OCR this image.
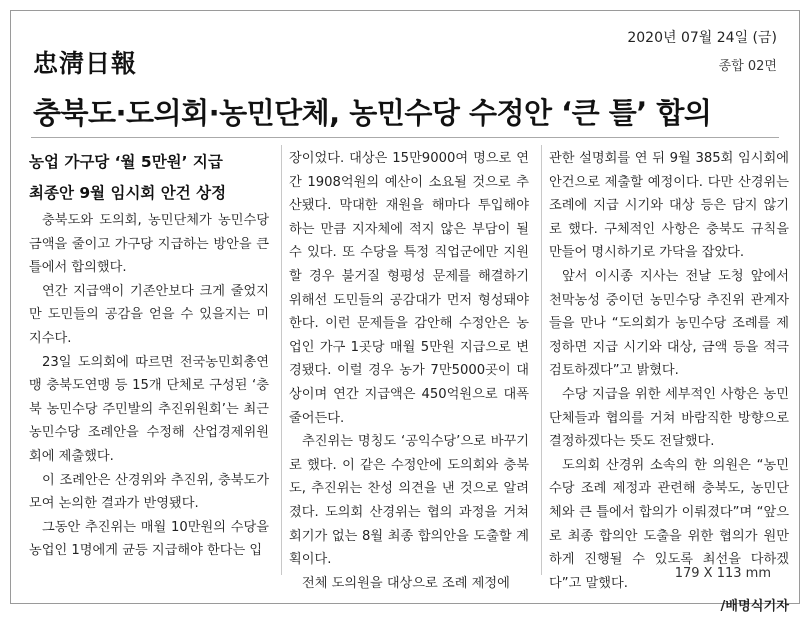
忠淸日報
2020년 07월 24일 (금)
종합 02면
충북도·도의회·농민단체, 농민수당 수정안 ‘큰 틀’ 합의

농업 가구당 ‘월 5만원’ 지급
최종안 9월 임시회 안건 상정

충북도와 도의회, 농민단체가 농민수당 금액을 줄이고 가구당 지급하는 방안을 큰 틀에서 합의했다.

연간 지급액이 기존안보다 크게 줄었지만 도민들의 공감을 얻을 수 있을지는 미지수다.

23일 도의회에 따르면 전국농민회총연맹 충북도연맹 등 15개 단체로 구성된 ‘충북 농민수당 주민발의 추진위원회’는 최근 농민수당 조례안을 수정해 산업경제위원회에 제출했다.

이 조례안은 산경위와 추진위, 충북도가 모여 논의한 결과가 반영됐다.

그동안 추진위는 매월 10만원의 수당을 농업인 1명에게 균등 지급해야 한다는 입

장이었다. 대상은 15만9000여 명으로 연간 1908억원의 예산이 소요될 것으로 추산됐다. 막대한 재원을 해마다 투입해야 하는 만큼 지자체에 적지 않은 부담이 될 수 있다. 또 수당을 특정 직업군에만 지원할 경우 불거질 형평성 문제를 해결하기 위해선 도민들의 공감대가 먼저 형성돼야 한다. 이런 문제들을 감안해 수정안은 농업인 가구 1곳당 매월 5만원 지급으로 변경됐다. 이럴 경우 농가 7만5000곳이 대상이며 연간 지급액은 450억원으로 대폭 줄어든다.

추진위는 명칭도 ‘공익수당’으로 바꾸기로 했다. 이 같은 수정안에 도의회와 충북도, 추진위는 찬성 의견을 낸 것으로 알려졌다. 도의회 산경위는 협의 과정을 거쳐 회기가 없는 8월 최종 합의안을 도출할 계획이다.

전체 도의원을 대상으로 조례 제정에

관한 설명회를 연 뒤 9월 385회 임시회에 안건으로 제출할 예정이다. 다만 산경위는 조례에 지급 시기와 대상 등은 담지 않기로 했다. 구체적인 사항은 충북도 규칙을 만들어 명시하기로 가닥을 잡았다.

앞서 이시종 지사는 전날 도청 앞에서 천막농성 중이던 농민수당 추진위 관계자들을 만나 “도의회가 농민수당 조례를 제정하면 지급 시기와 대상, 금액 등을 적극 검토하겠다”고 밝혔다.

수당 지급을 위한 세부적인 사항은 농민단체들과 협의를 거쳐 바람직한 방향으로 결정하겠다는 뜻도 전달했다.

도의회 산경위 소속의 한 의원은 “농민수당 조례 제정과 관련해 충북도, 농민단체와 큰 틀에서 합의가 이뤄졌다”며 “앞으로 최종 합의안 도출을 위한 협의가 원만하게 진행될 수 있도록 최선을 다하겠다”고 말했다.

/배명식기자

179 X 113 mm
